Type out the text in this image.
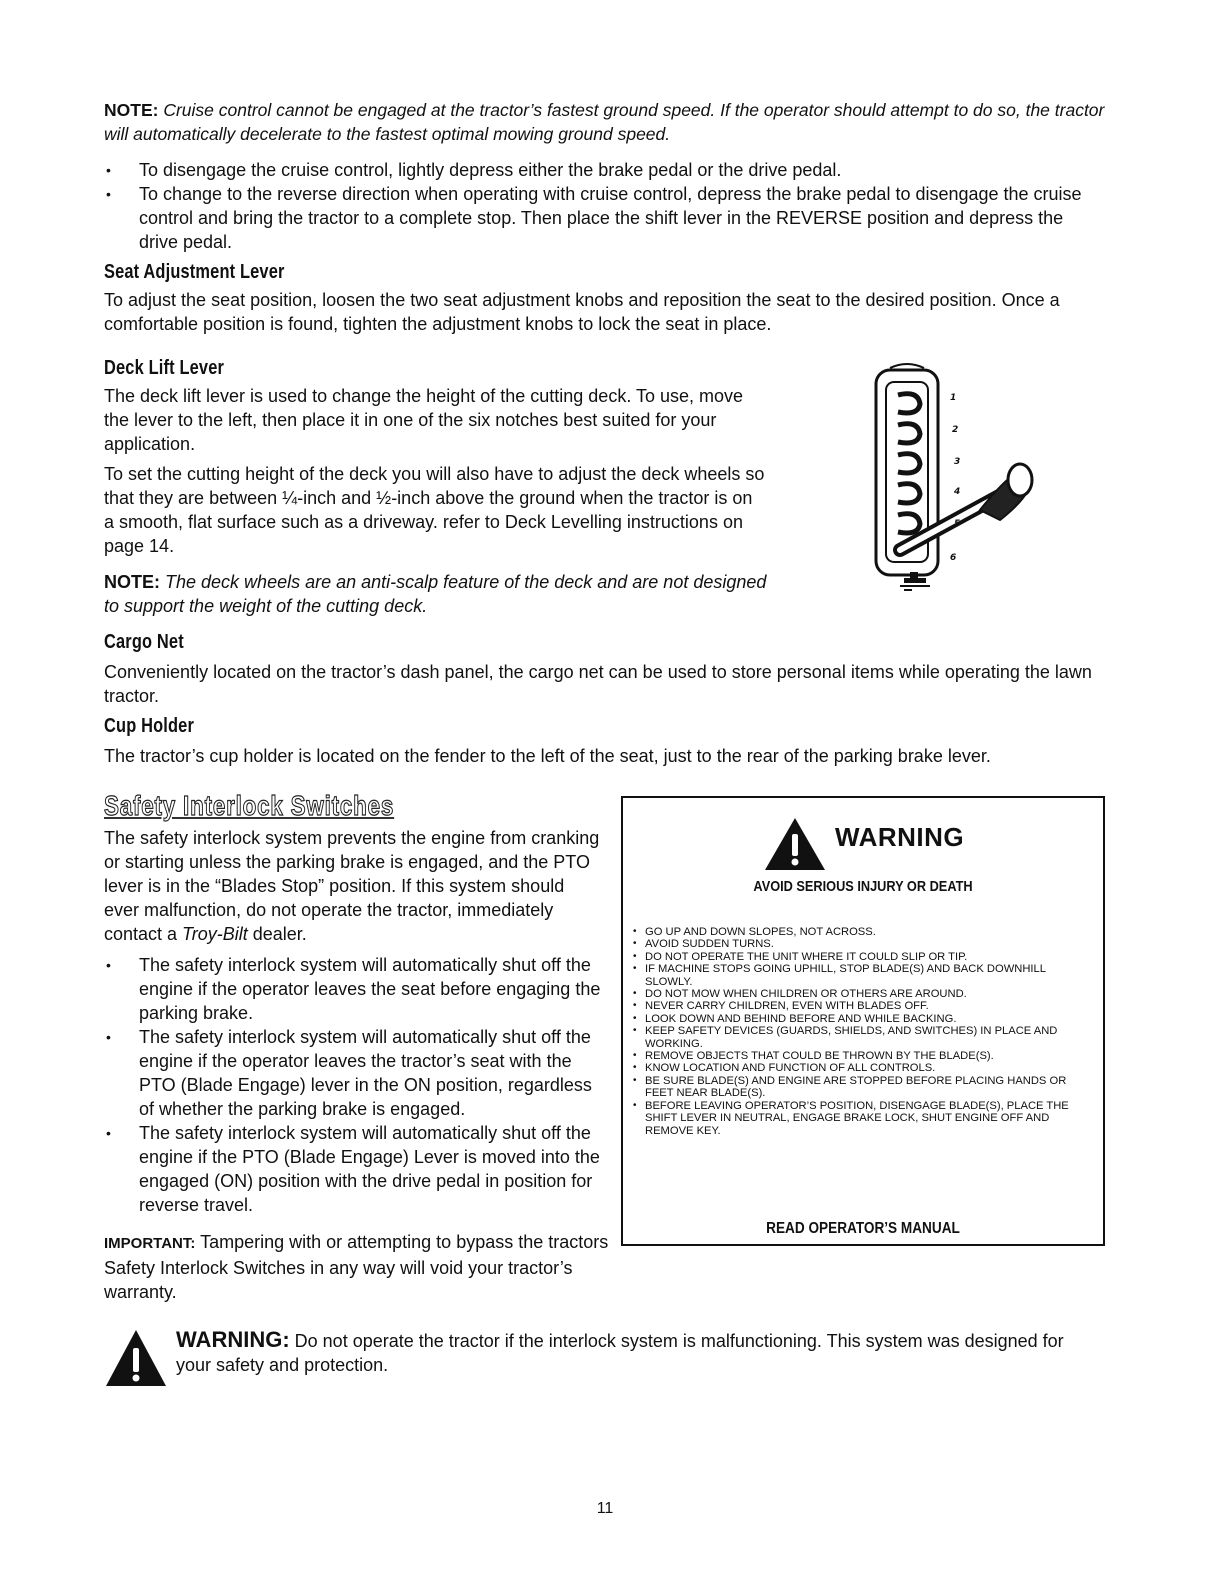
NOTE: Cruise control cannot be engaged at the tractor’s fastest ground speed. If the operator should attempt to do so, the tractor will automatically decelerate to the fastest optimal mowing ground speed.

• To disengage the cruise control, lightly depress either the brake pedal or the drive pedal.
• To change to the reverse direction when operating with cruise control, depress the brake pedal to disengage the cruise control and bring the tractor to a complete stop. Then place the shift lever in the REVERSE position and depress the drive pedal.
Seat Adjustment Lever

To adjust the seat position, loosen the two seat adjustment knobs and reposition the seat to the desired position. Once a comfortable position is found, tighten the adjustment knobs to lock the seat in place.

Deck Lift Lever

The deck lift lever is used to change the height of the cutting deck. To use, move the lever to the left, then place it in one of the six notches best suited for your application.

To set the cutting height of the deck you will also have to adjust the deck wheels so that they are between ¼-inch and ½-inch above the ground when the tractor is on a smooth, flat surface such as a driveway. refer to Deck Levelling instructions on page 14.

NOTE: The deck wheels are an anti-scalp feature of the deck and are not designed to support the weight of the cutting deck.

1
2
3
4
5
6
Cargo Net

Conveniently located on the tractor’s dash panel, the cargo net can be used to store personal items while operating the lawn tractor.

Cup Holder

The tractor’s cup holder is located on the fender to the left of the seat, just to the rear of the parking brake lever.

Safety Interlock Switches

The safety interlock system prevents the engine from cranking or starting unless the parking brake is engaged, and the PTO lever is in the “Blades Stop” position. If this system should ever malfunction, do not operate the tractor, immediately contact a Troy-Bilt dealer.

• The safety interlock system will automatically shut off the engine if the operator leaves the seat before engaging the parking brake.
• The safety interlock system will automatically shut off the engine if the operator leaves the tractor’s seat with the PTO (Blade Engage) lever in the ON position, regardless of whether the parking brake is engaged.
• The safety interlock system will automatically shut off the engine if the PTO (Blade Engage) Lever is moved into the engaged (ON) position with the drive pedal in position for reverse travel.

IMPORTANT: Tampering with or attempting to bypass the tractors Safety Interlock Switches in any way will void your tractor’s warranty.

WARNING
AVOID SERIOUS INJURY OR DEATH
• GO UP AND DOWN SLOPES, NOT ACROSS.
• AVOID SUDDEN TURNS.
• DO NOT OPERATE THE UNIT WHERE IT COULD SLIP OR TIP.
• IF MACHINE STOPS GOING UPHILL, STOP BLADE(S) AND BACK DOWNHILL SLOWLY.
• DO NOT MOW WHEN CHILDREN OR OTHERS ARE AROUND.
• NEVER CARRY CHILDREN, EVEN WITH BLADES OFF.
• LOOK DOWN AND BEHIND BEFORE AND WHILE BACKING.
• KEEP SAFETY DEVICES (GUARDS, SHIELDS, AND SWITCHES) IN PLACE AND WORKING.
• REMOVE OBJECTS THAT COULD BE THROWN BY THE BLADE(S).
• KNOW LOCATION AND FUNCTION OF ALL CONTROLS.
• BE SURE BLADE(S) AND ENGINE ARE STOPPED BEFORE PLACING HANDS OR FEET NEAR BLADE(S).
• BEFORE LEAVING OPERATOR’S POSITION, DISENGAGE BLADE(S), PLACE THE SHIFT LEVER IN NEUTRAL, ENGAGE BRAKE LOCK, SHUT ENGINE OFF AND REMOVE KEY.
READ OPERATOR’S MANUAL

WARNING: Do not operate the tractor if the interlock system is malfunctioning. This system was designed for your safety and protection.

11
